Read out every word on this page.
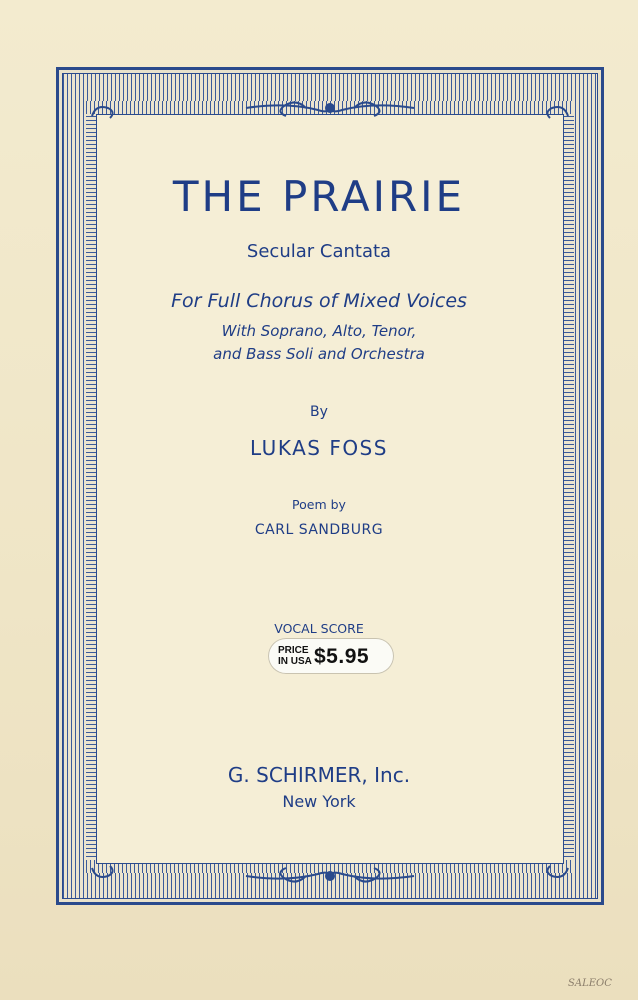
THE PRAIRIE

Secular Cantata

For Full Chorus of Mixed Voices

With Soprano, Alto, Tenor,

and Bass Soli and Orchestra

By

LUKAS FOSS

Poem by

CARL SANDBURG

VOCAL SCORE

PRICE
IN USA $5.95

G. SCHIRMER, Inc.

New York

SALEOC
